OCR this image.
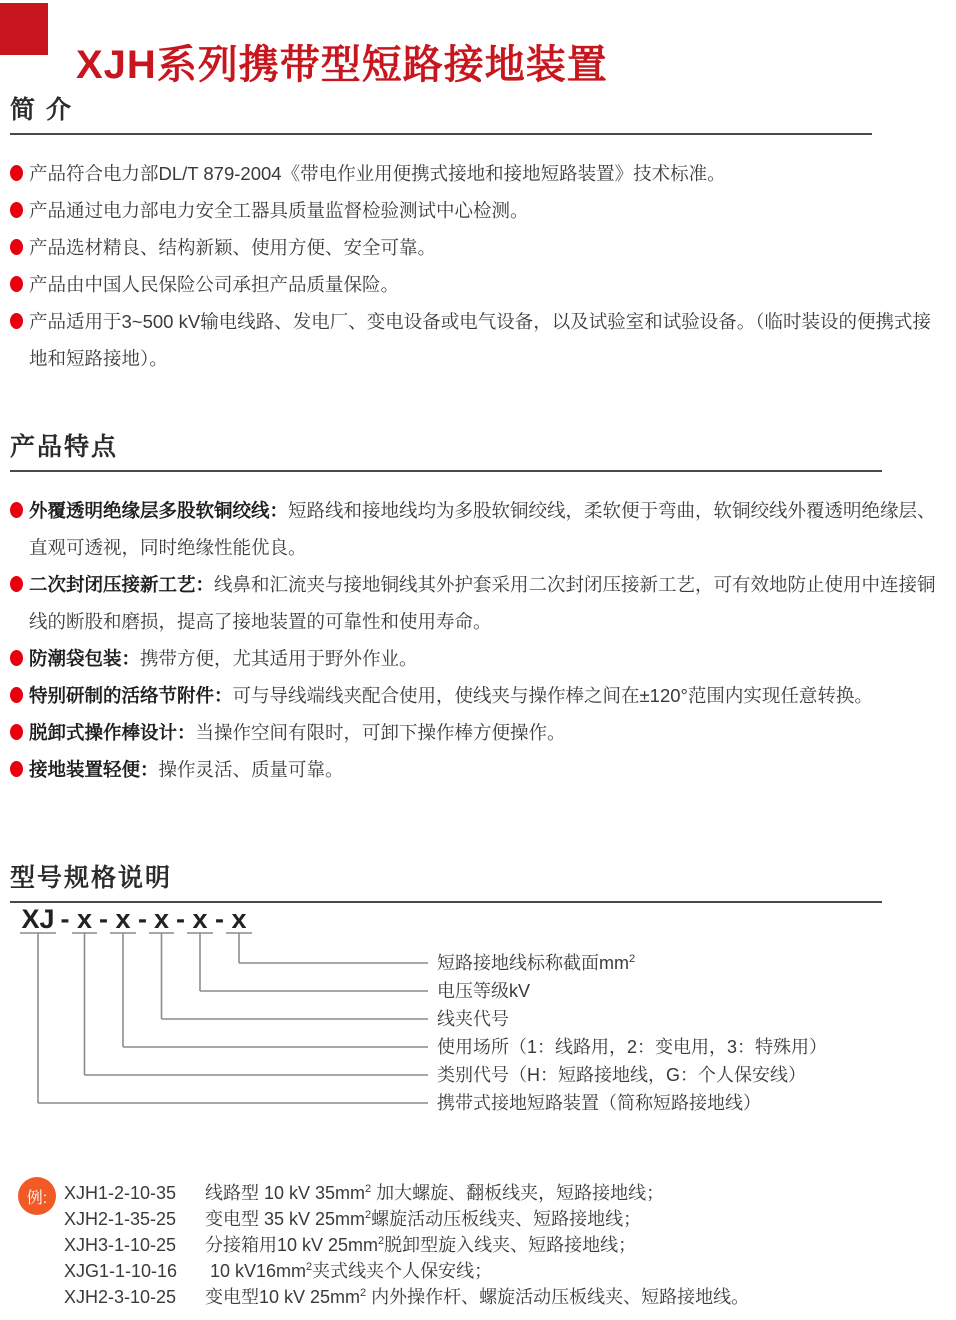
XJH系列携带型短路接地装置
简 介
产品符合电力部DL/T 879-2004《带电作业用便携式接地和接地短路装置》技术标准。
产品通过电力部电力安全工器具质量监督检验测试中心检测。
产品选材精良、结构新颖、使用方便、安全可靠。
产品由中国人民保险公司承担产品质量保险。
产品适用于3~500 kV输电线路、发电厂、变电设备或电气设备，以及试验室和试验设备。（临时装设的便携式接地和短路接地）。
产品特点
外覆透明绝缘层多股软铜绞线：短路线和接地线均为多股软铜绞线，柔软便于弯曲，软铜绞线外覆透明绝缘层、直观可透视，同时绝缘性能优良。
二次封闭压接新工艺：线鼻和汇流夹与接地铜线其外护套采用二次封闭压接新工艺，可有效地防止使用中连接铜线的断股和磨损，提高了接地装置的可靠性和使用寿命。
防潮袋包装：携带方便，尤其适用于野外作业。
特别研制的活络节附件：可与导线端线夹配合使用，使线夹与操作棒之间在±120°范围内实现任意转换。
脱卸式操作棒设计：当操作空间有限时，可卸下操作棒方便操作。
接地装置轻便：操作灵活、质量可靠。
型号规格说明
XJ - x - x - x - x - x
短路接地线标称截面$mm^2$
电压等级kV
线夹代号
使用场所（1：线路用，2：变电用，3：特殊用）
类别代号（H：短路接地线，G：个人保安线）
携带式接地短路装置（简称短路接地线）
例: XJH1-2-10-35 线路型 10 kV $35mm^2$ 加大螺旋、翻板线夹，短路接地线；
XJH2-1-35-25 变电型 35 kV $25mm^2$螺旋活动压板线夹、短路接地线；
XJH3-1-10-25 分接箱用10 kV $25mm^2$脱卸型旋入线夹、短路接地线；
XJG1-1-10-16 10 $kV16mm^2$夹式线夹个人保安线；
XJH2-3-10-25 变电型10 kV $25mm^2$ 内外操作杆、螺旋活动压板线夹、短路接地线。
